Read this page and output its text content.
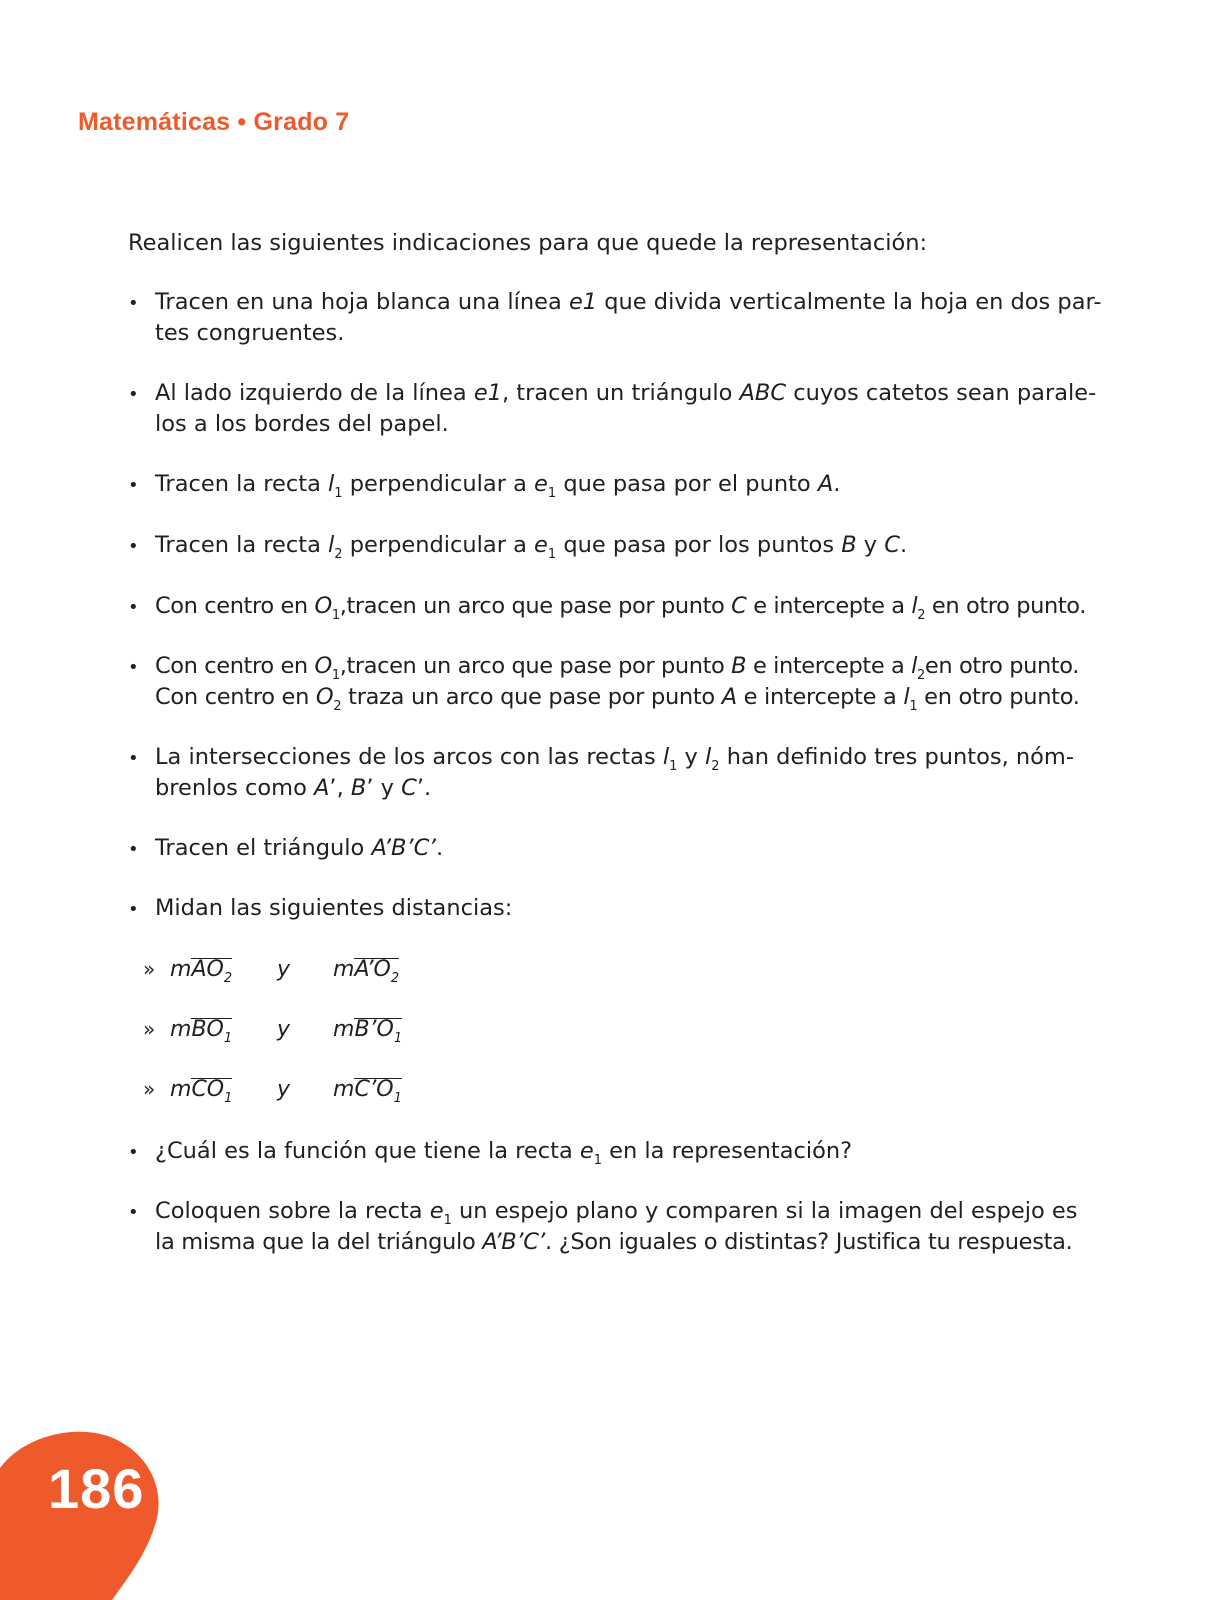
Matemáticas • Grado 7
Realicen las siguientes indicaciones para que quede la representación:
• Tracen en una hoja blanca una línea e1 que divida verticalmente la hoja en dos par-
tes congruentes.
• Al lado izquierdo de la línea e1, tracen un triángulo ABC cuyos catetos sean parale-
los a los bordes del papel.
• Tracen la recta $l_1$ perpendicular a $e_1$ que pasa por el punto A.
• Tracen la recta $l_2$ perpendicular a $e_1$ que pasa por los puntos B y C.
• Con centro en $O_1,tracen$ un arco que pase por punto C e intercepte a $l_2$ en otro punto.
• Con centro en $O_1,tracen$ un arco que pase por punto B e intercepte a $l_2en$ otro punto.
Con centro en $O_2$ traza un arco que pase por punto A e intercepte a $l_1$ en otro punto.
• La intersecciones de los arcos con las rectas $l_1$ y $l_2$ han definido tres puntos, nóm-
brenlos como A’, B’ y C’.
• Tracen el triángulo A’B’C’.
• Midan las siguientes distancias:
• ¿Cuál es la función que tiene la recta $e_1$ en la representación?
• Coloquen sobre la recta $e_1$ un espejo plano y comparen si la imagen del espejo es
la misma que la del triángulo A’B’C’. ¿Son iguales o distintas? Justifica tu respuesta.
» mAO$_2$ y $mA’O_2$
» mBO$_1$ y $mB’O_1$
» mCO$_1$ y $mC’O_1$
186
